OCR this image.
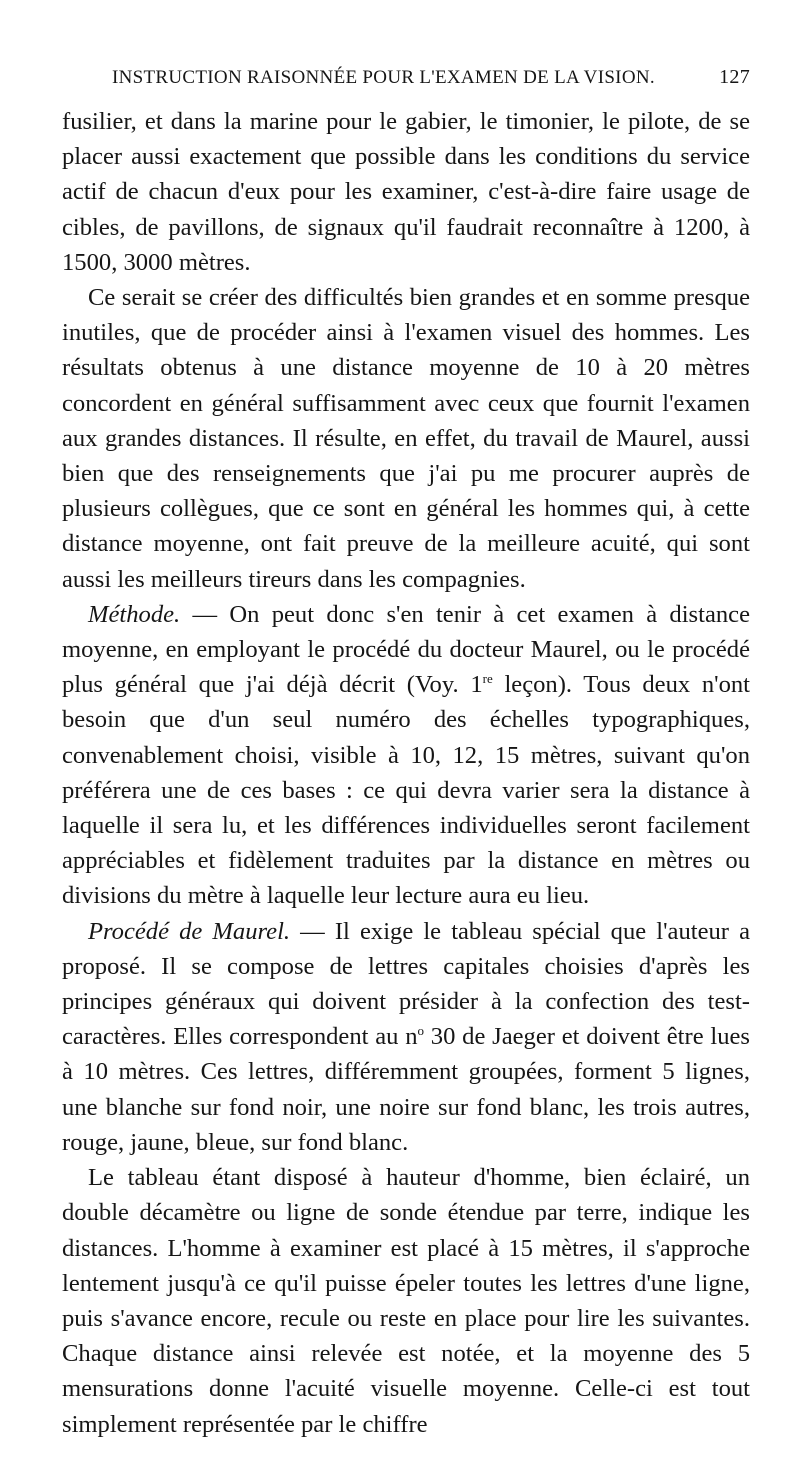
INSTRUCTION RAISONNÉE POUR L'EXAMEN DE LA VISION.	127

fusilier, et dans la marine pour le gabier, le timonier, le pilote, de se placer aussi exactement que possible dans les conditions du service actif de chacun d'eux pour les examiner, c'est-à-dire faire usage de cibles, de pavillons, de signaux qu'il faudrait reconnaître à 1200, à 1500, 3000 mètres.

Ce serait se créer des difficultés bien grandes et en somme presque inutiles, que de procéder ainsi à l'examen visuel des hommes. Les résultats obtenus à une distance moyenne de 10 à 20 mètres concordent en général suffisamment avec ceux que fournit l'examen aux grandes distances. Il résulte, en effet, du travail de Maurel, aussi bien que des renseignements que j'ai pu me procurer auprès de plusieurs collègues, que ce sont en général les hommes qui, à cette distance moyenne, ont fait preuve de la meilleure acuité, qui sont aussi les meilleurs tireurs dans les compagnies.

Méthode. — On peut donc s'en tenir à cet examen à distance moyenne, en employant le procédé du docteur Maurel, ou le procédé plus général que j'ai déjà décrit (Voy. 1re leçon). Tous deux n'ont besoin que d'un seul numéro des échelles typographiques, convenablement choisi, visible à 10, 12, 15 mètres, suivant qu'on préférera une de ces bases : ce qui devra varier sera la distance à laquelle il sera lu, et les différences individuelles seront facilement appréciables et fidèlement traduites par la distance en mètres ou divisions du mètre à laquelle leur lecture aura eu lieu.

Procédé de Maurel. — Il exige le tableau spécial que l'auteur a proposé. Il se compose de lettres capitales choisies d'après les principes généraux qui doivent présider à la confection des test-caractères. Elles correspondent au $n^o$ 30 de Jaeger et doivent être lues à 10 mètres. Ces lettres, différemment groupées, forment 5 lignes, une blanche sur fond noir, une noire sur fond blanc, les trois autres, rouge, jaune, bleue, sur fond blanc.

Le tableau étant disposé à hauteur d'homme, bien éclairé, un double décamètre ou ligne de sonde étendue par terre, indique les distances. L'homme à examiner est placé à 15 mètres, il s'approche lentement jusqu'à ce qu'il puisse épeler toutes les lettres d'une ligne, puis s'avance encore, recule ou reste en place pour lire les suivantes. Chaque distance ainsi relevée est notée, et la moyenne des 5 mensurations donne l'acuité visuelle moyenne. Celle-ci est tout simplement représentée par le chiffre
